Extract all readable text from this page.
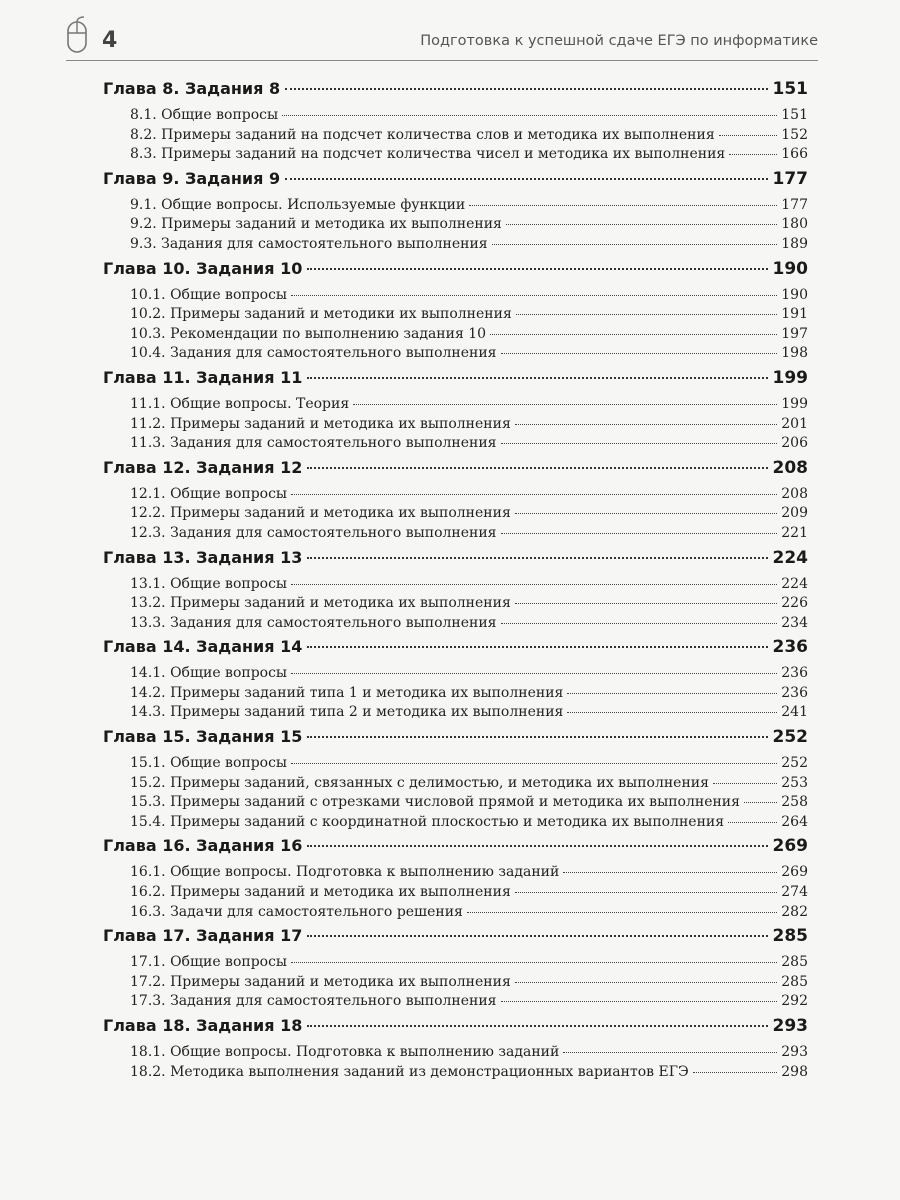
4	Подготовка к успешной сдаче ЕГЭ по информатике
Глава 8. Задания 8	151
8.1. Общие вопросы	151
8.2. Примеры заданий на подсчет количества слов и методика их выполнения	152
8.3. Примеры заданий на подсчет количества чисел и методика их выполнения	166
Глава 9. Задания 9	177
9.1. Общие вопросы. Используемые функции	177
9.2. Примеры заданий и методика их выполнения	180
9.3. Задания для самостоятельного выполнения	189
Глава 10. Задания 10	190
10.1. Общие вопросы	190
10.2. Примеры заданий и методики их выполнения	191
10.3. Рекомендации по выполнению задания 10	197
10.4. Задания для самостоятельного выполнения	198
Глава 11. Задания 11	199
11.1. Общие вопросы. Теория	199
11.2. Примеры заданий и методика их выполнения	201
11.3. Задания для самостоятельного выполнения	206
Глава 12. Задания 12	208
12.1. Общие вопросы	208
12.2. Примеры заданий и методика их выполнения	209
12.3. Задания для самостоятельного выполнения	221
Глава 13. Задания 13	224
13.1. Общие вопросы	224
13.2. Примеры заданий и методика их выполнения	226
13.3. Задания для самостоятельного выполнения	234
Глава 14. Задания 14	236
14.1. Общие вопросы	236
14.2. Примеры заданий типа 1 и методика их выполнения	236
14.3. Примеры заданий типа 2 и методика их выполнения	241
Глава 15. Задания 15	252
15.1. Общие вопросы	252
15.2. Примеры заданий, связанных с делимостью, и методика их выполнения	253
15.3. Примеры заданий с отрезками числовой прямой и методика их выполнения	258
15.4. Примеры заданий с координатной плоскостью и методика их выполнения	264
Глава 16. Задания 16	269
16.1. Общие вопросы. Подготовка к выполнению заданий	269
16.2. Примеры заданий и методика их выполнения	274
16.3. Задачи для самостоятельного решения	282
Глава 17. Задания 17	285
17.1. Общие вопросы	285
17.2. Примеры заданий и методика их выполнения	285
17.3. Задания для самостоятельного выполнения	292
Глава 18. Задания 18	293
18.1. Общие вопросы. Подготовка к выполнению заданий	293
18.2. Методика выполнения заданий из демонстрационных вариантов ЕГЭ	298
